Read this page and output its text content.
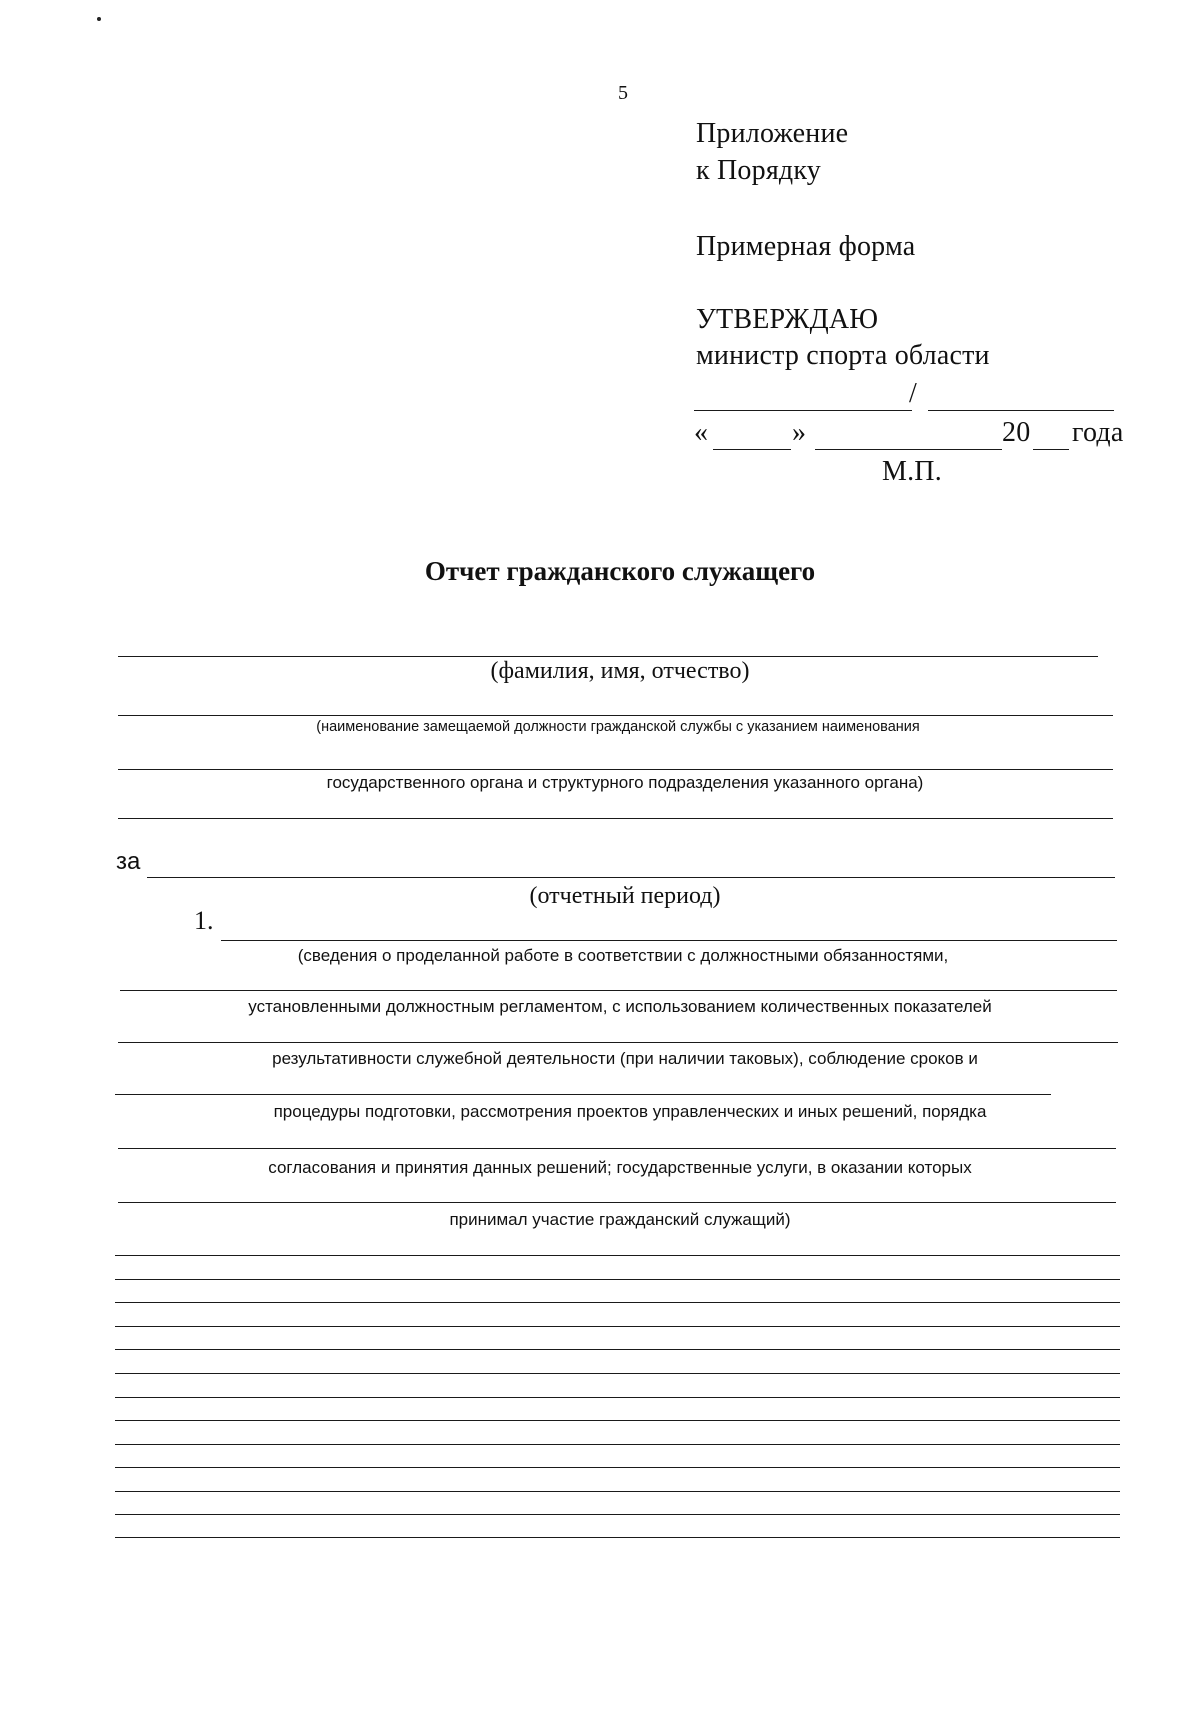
5
Приложение
к Порядку
Примерная форма
УТВЕРЖДАЮ
министр спорта области
/
«	»	20 года
М.П.
Отчет гражданского служащего
(фамилия, имя, отчество)
(наименование замещаемой должности гражданской службы с указанием наименования
государственного органа и структурного подразделения указанного органа)
за
(отчетный период)
1.
(сведения о проделанной работе в соответствии с должностными обязанностями,
установленными должностным регламентом, с использованием количественных показателей
результативности служебной деятельности (при наличии таковых), соблюдение сроков и
процедуры подготовки, рассмотрения проектов управленческих и иных решений, порядка
согласования и принятия данных решений; государственные услуги, в оказании которых
принимал участие гражданский служащий)
